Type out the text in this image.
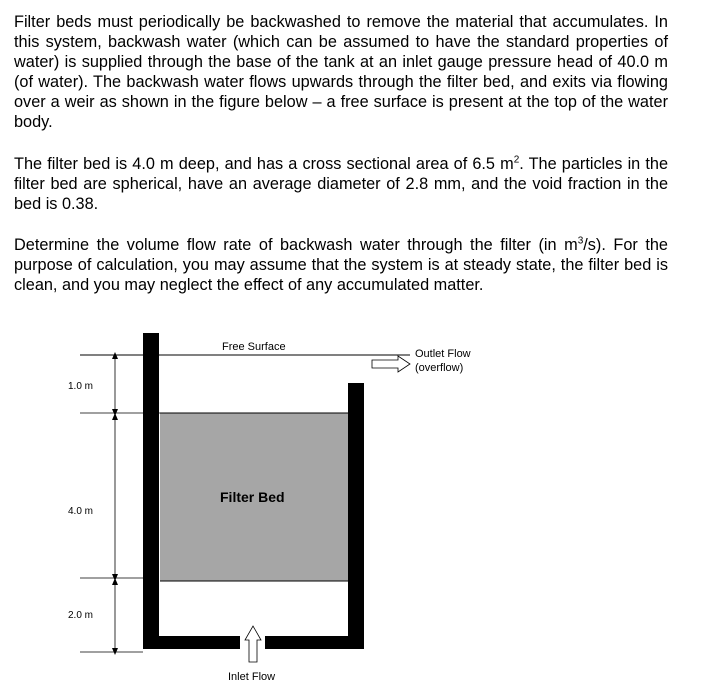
Filter beds must periodically be backwashed to remove the material that accumulates. In this system, backwash water (which can be assumed to have the standard properties of water) is supplied through the base of the tank at an inlet gauge pressure head of 40.0 m (of water). The backwash water flows upwards through the filter bed, and exits via flowing over a weir as shown in the figure below – a free surface is present at the top of the water body.
The filter bed is 4.0 m deep, and has a cross sectional area of 6.5 $m^2$. The particles in the filter bed are spherical, have an average diameter of 2.8 mm, and the void fraction in the bed is 0.38.
Determine the volume flow rate of backwash water through the filter (in $m^3/s$). For the purpose of calculation, you may assume that the system is at steady state, the filter bed is clean, and you may neglect the effect of any accumulated matter.
Free Surface
Outlet Flow
(overflow)
Filter Bed
Inlet Flow
1.0 m
4.0 m
2.0 m
